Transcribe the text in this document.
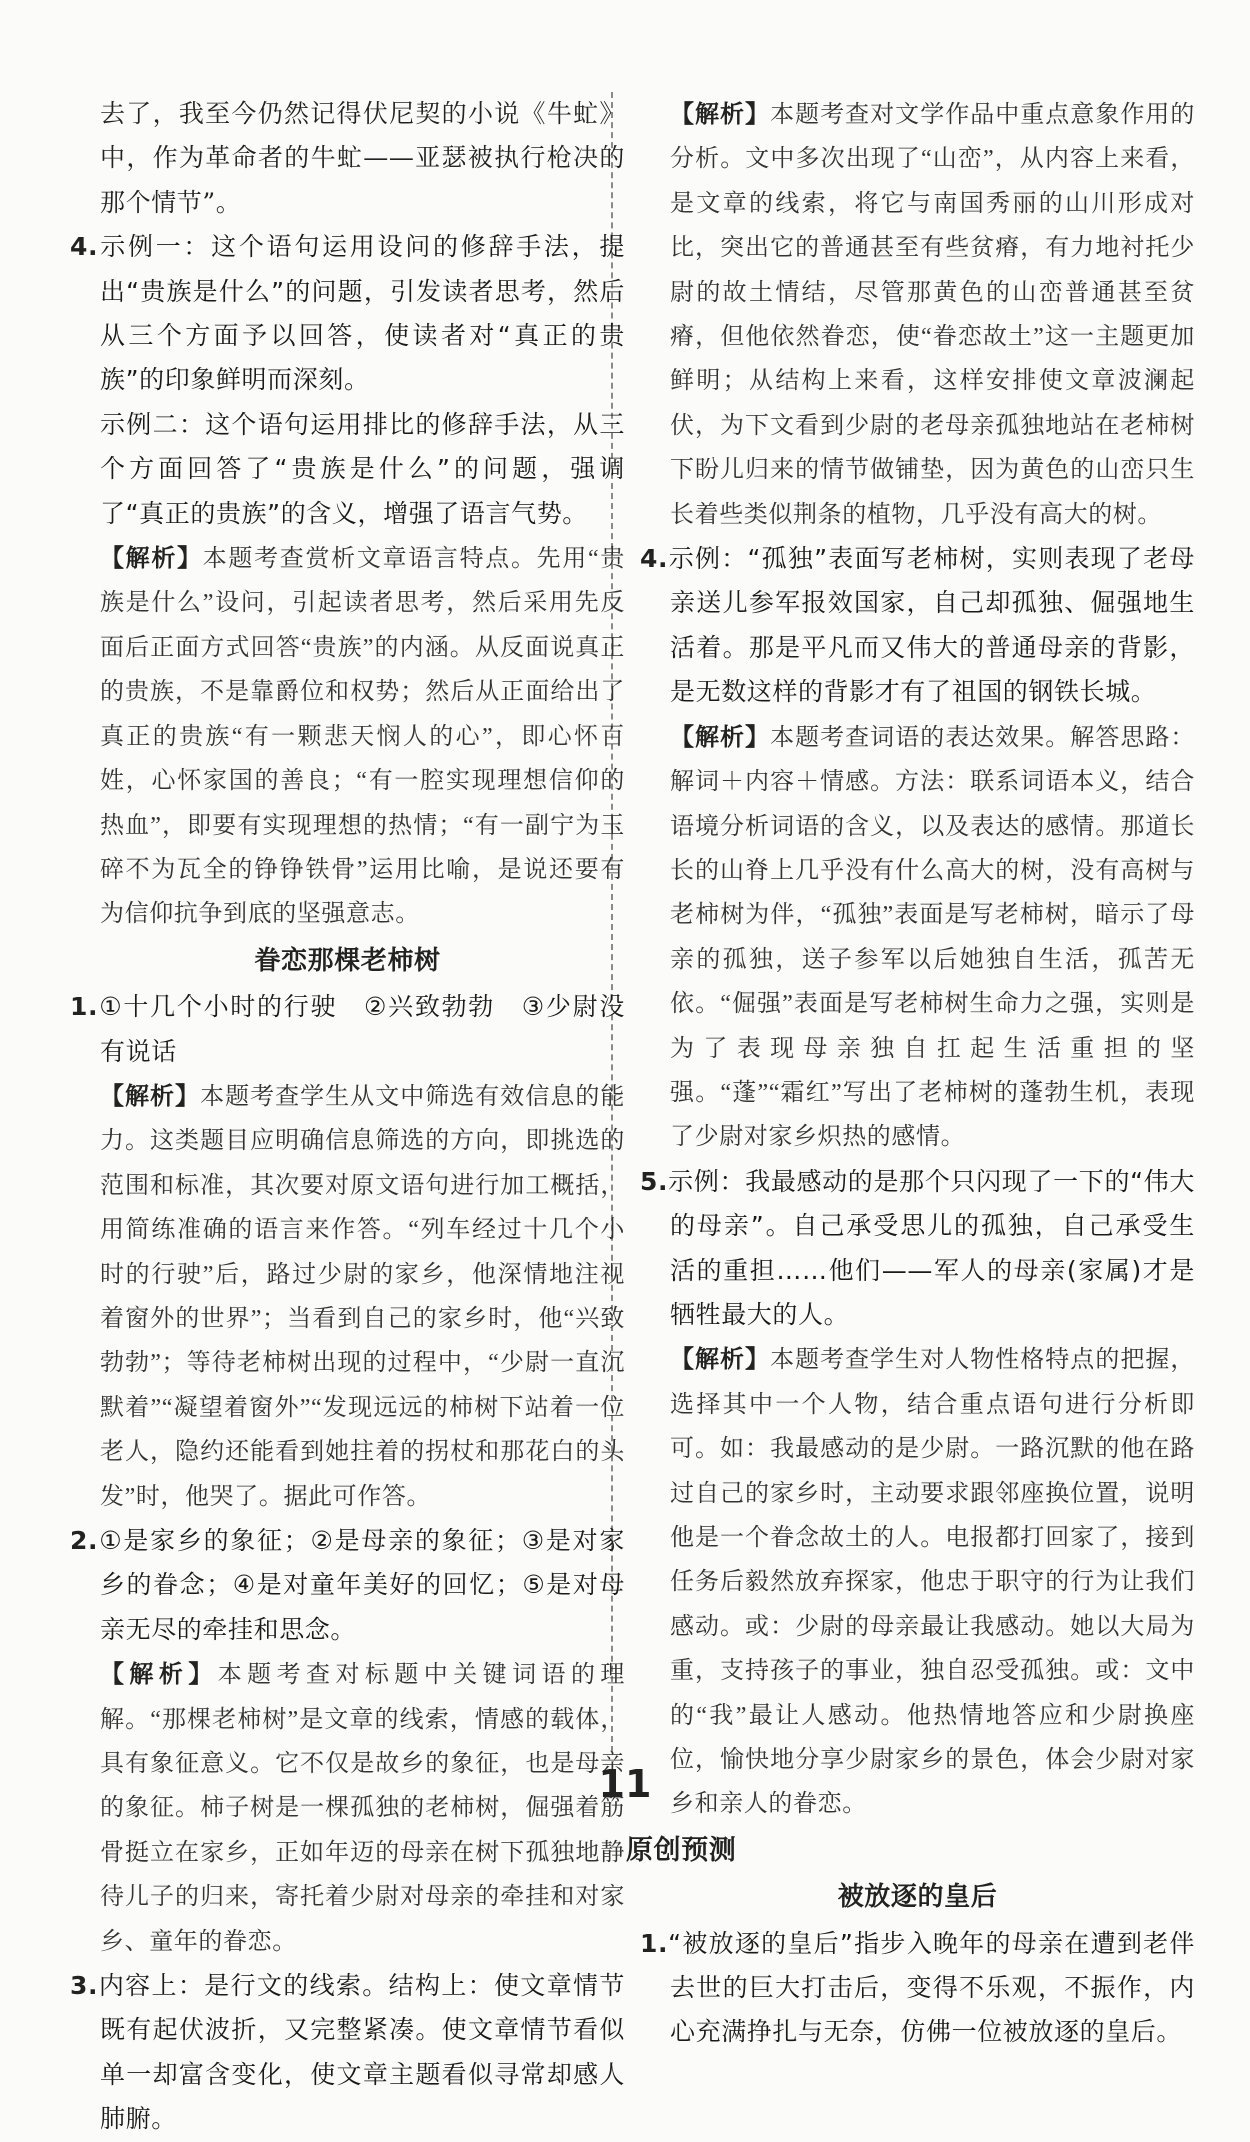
去了，我至今仍然记得伏尼契的小说《牛虻》中，作为革命者的牛虻——亚瑟被执行枪决的那个情节”。

4.示例一：这个语句运用设问的修辞手法，提出“贵族是什么”的问题，引发读者思考，然后从三个方面予以回答，使读者对“真正的贵族”的印象鲜明而深刻。

示例二：这个语句运用排比的修辞手法，从三个方面回答了“贵族是什么”的问题，强调了“真正的贵族”的含义，增强了语言气势。

【解析】本题考查赏析文章语言特点。先用“贵族是什么”设问，引起读者思考，然后采用先反面后正面方式回答“贵族”的内涵。从反面说真正的贵族，不是靠爵位和权势；然后从正面给出了真正的贵族“有一颗悲天悯人的心”，即心怀百姓，心怀家国的善良；“有一腔实现理想信仰的热血”，即要有实现理想的热情；“有一副宁为玉碎不为瓦全的铮铮铁骨”运用比喻，是说还要有为信仰抗争到底的坚强意志。

眷恋那棵老柿树

1.①十几个小时的行驶　②兴致勃勃　③少尉没有说话

【解析】本题考查学生从文中筛选有效信息的能力。这类题目应明确信息筛选的方向，即挑选的范围和标准，其次要对原文语句进行加工概括，用简练准确的语言来作答。“列车经过十几个小时的行驶”后，路过少尉的家乡，他深情地注视着窗外的世界”；当看到自己的家乡时，他“兴致勃勃”；等待老柿树出现的过程中，“少尉一直沉默着”“凝望着窗外”“发现远远的柿树下站着一位老人，隐约还能看到她拄着的拐杖和那花白的头发”时，他哭了。据此可作答。

2.①是家乡的象征；②是母亲的象征；③是对家乡的眷念；④是对童年美好的回忆；⑤是对母亲无尽的牵挂和思念。

【解析】本题考查对标题中关键词语的理解。“那棵老柿树”是文章的线索，情感的载体，具有象征意义。它不仅是故乡的象征，也是母亲的象征。柿子树是一棵孤独的老柿树，倔强着筋骨挺立在家乡，正如年迈的母亲在树下孤独地静待儿子的归来，寄托着少尉对母亲的牵挂和对家乡、童年的眷恋。

3.内容上：是行文的线索。结构上：使文章情节既有起伏波折，又完整紧凑。使文章情节看似单一却富含变化，使文章主题看似寻常却感人肺腑。

【解析】本题考查对文学作品中重点意象作用的分析。文中多次出现了“山峦”，从内容上来看，是文章的线索，将它与南国秀丽的山川形成对比，突出它的普通甚至有些贫瘠，有力地衬托少尉的故土情结，尽管那黄色的山峦普通甚至贫瘠，但他依然眷恋，使“眷恋故土”这一主题更加鲜明；从结构上来看，这样安排使文章波澜起伏，为下文看到少尉的老母亲孤独地站在老柿树下盼儿归来的情节做铺垫，因为黄色的山峦只生长着些类似荆条的植物，几乎没有高大的树。

4.示例：“孤独”表面写老柿树，实则表现了老母亲送儿参军报效国家，自己却孤独、倔强地生活着。那是平凡而又伟大的普通母亲的背影，是无数这样的背影才有了祖国的钢铁长城。

【解析】本题考查词语的表达效果。解答思路：解词＋内容＋情感。方法：联系词语本义，结合语境分析词语的含义，以及表达的感情。那道长长的山脊上几乎没有什么高大的树，没有高树与老柿树为伴，“孤独”表面是写老柿树，暗示了母亲的孤独，送子参军以后她独自生活，孤苦无依。“倔强”表面是写老柿树生命力之强，实则是为了表现母亲独自扛起生活重担的坚强。“蓬”“霜红”写出了老柿树的蓬勃生机，表现了少尉对家乡炽热的感情。

5.示例：我最感动的是那个只闪现了一下的“伟大的母亲”。自己承受思儿的孤独，自己承受生活的重担……他们——军人的母亲(家属)才是牺牲最大的人。

【解析】本题考查学生对人物性格特点的把握，选择其中一个人物，结合重点语句进行分析即可。如：我最感动的是少尉。一路沉默的他在路过自己的家乡时，主动要求跟邻座换位置，说明他是一个眷念故土的人。电报都打回家了，接到任务后毅然放弃探家，他忠于职守的行为让我们感动。或：少尉的母亲最让我感动。她以大局为重，支持孩子的事业，独自忍受孤独。或：文中的“我”最让人感动。他热情地答应和少尉换座位，愉快地分享少尉家乡的景色，体会少尉对家乡和亲人的眷恋。

原创预测
被放逐的皇后

1.“被放逐的皇后”指步入晚年的母亲在遭到老伴去世的巨大打击后，变得不乐观，不振作，内心充满挣扎与无奈，仿佛一位被放逐的皇后。

11
